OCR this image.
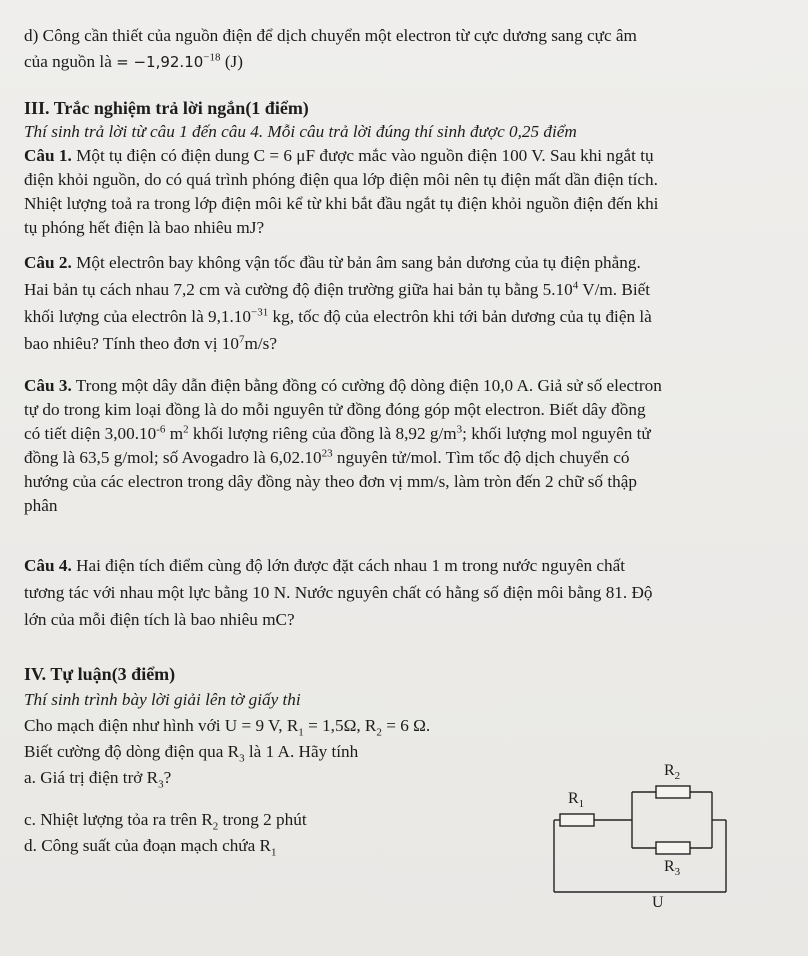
d) Công cần thiết của nguồn điện để dịch chuyển một electron từ cực dương sang cực âm
của nguồn là = $-1,92.10^{-18}$ (J)
III. Trắc nghiệm trả lời ngắn(1 điểm)
Thí sinh trả lời từ câu 1 đến câu 4. Mỗi câu trả lời đúng thí sinh được 0,25 điểm
Câu 1. Một tụ điện có điện dung C = 6 μF được mắc vào nguồn điện 100 V. Sau khi ngắt tụ
điện khỏi nguồn, do có quá trình phóng điện qua lớp điện môi nên tụ điện mất dần điện tích.
Nhiệt lượng toả ra trong lớp điện môi kể từ khi bắt đầu ngắt tụ điện khỏi nguồn điện đến khi
tụ phóng hết điện là bao nhiêu mJ?
Câu 2. Một electrôn bay không vận tốc đầu từ bản âm sang bản dương của tụ điện phẳng.
Hai bản tụ cách nhau 7,2 cm và cường độ điện trường giữa hai bản tụ bằng 5.10$^4$ V/m. Biết
khối lượng của electrôn là $9,1.10^{-31}$ kg, tốc độ của electrôn khi tới bản dương của tụ điện là
bao nhiêu? Tính theo đơn vị $10^7m/s$?
Câu 3. Trong một dây dẫn điện bằng đồng có cường độ dòng điện 10,0 A. Giả sử số electron
tự do trong kim loại đồng là do mỗi nguyên tử đồng đóng góp một electron. Biết dây đồng
có tiết diện $3,00.10^{-6}$ $m^2$ khối lượng riêng của đồng là 8,92 $g/m^3$; khối lượng mol nguyên tử
đồng là 63,5 g/mol; số Avogadro là 6,02.10$^{23}$ nguyên tử/mol. Tìm tốc độ dịch chuyển có
hướng của các electron trong dây đồng này theo đơn vị mm/s, làm tròn đến 2 chữ số thập
phân
Câu 4. Hai điện tích điểm cùng độ lớn được đặt cách nhau 1 m trong nước nguyên chất
tương tác với nhau một lực bằng 10 N. Nước nguyên chất có hằng số điện môi bằng 81. Độ
lớn của mỗi điện tích là bao nhiêu mC?
IV. Tự luận(3 điểm)
Thí sinh trình bày lời giải lên tờ giấy thi
Cho mạch điện như hình với U = 9 V, $R_1 = 1,5\Omega$, $R_2 = 6$ Ω.
Biết cường độ dòng điện qua $R_3$ là 1 A. Hãy tính
a. Giá trị điện trở $R_3$?
c. Nhiệt lượng tỏa ra trên $R_2$ trong 2 phút
d. Công suất của đoạn mạch chứa $R_1$
$R_1$
$R_2$
$R_3$
U
